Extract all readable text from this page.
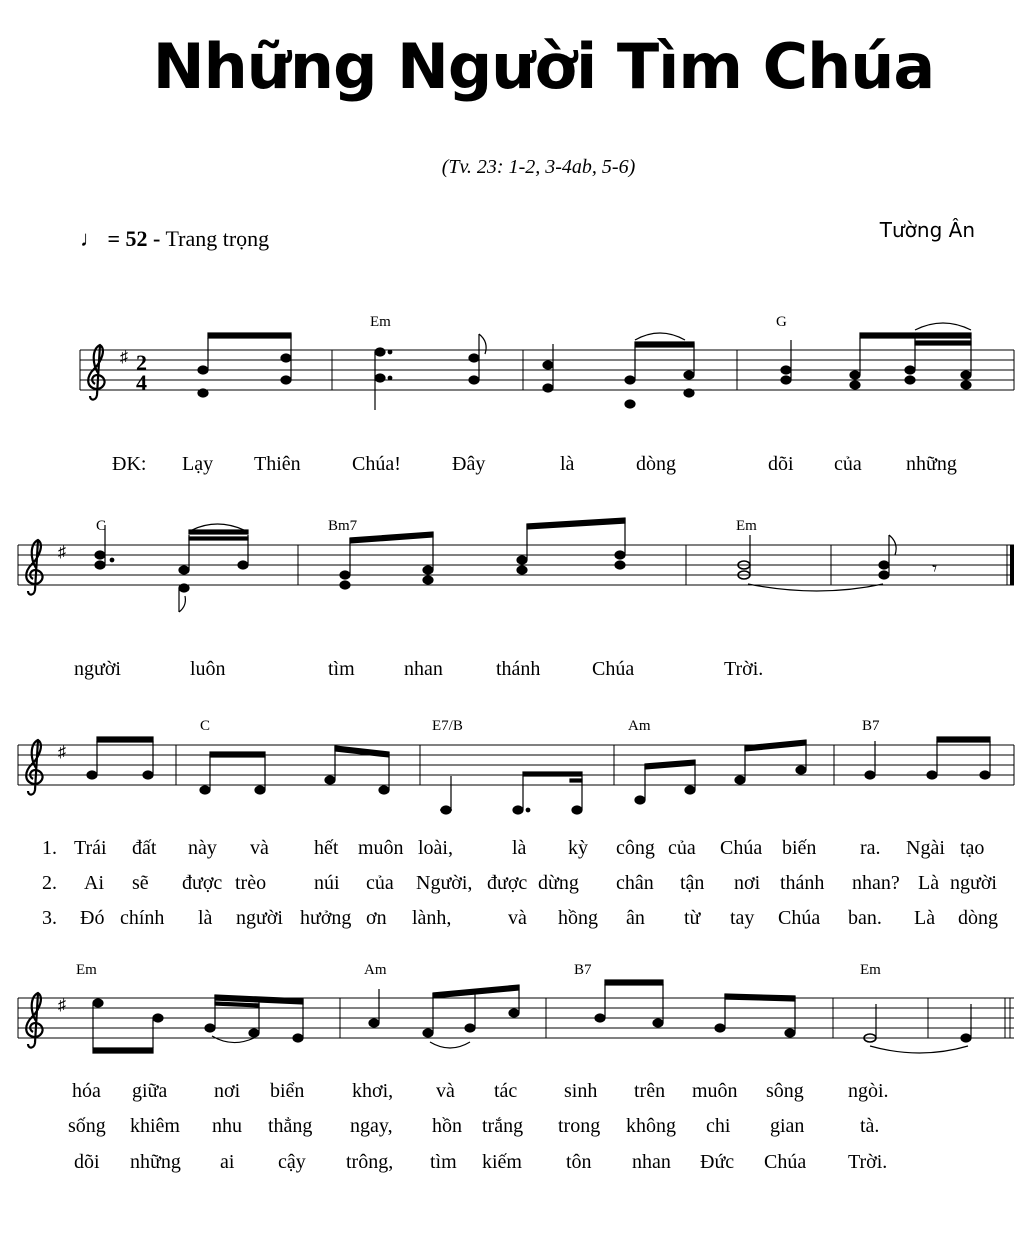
Những Người Tìm Chúa
(Tv. 23: 1-2, 3-4ab, 5-6)
♩ = 52 - Trang trọng	Tường Ân
♯ 2
4
Em	G
ĐK: Lạy Thiên	Chúa!	Đây	là	dòng	dõi của những
♯
𝄾
C	Bm7	Em
người	luôn	tìm nhan	thánh	Chúa	Trời.
♯
C	E7/B	Am	B7
1. Trái đất này và hết muôn loài,	là kỳ công của Chúa biến ra. Ngài tạo
2. Ai sẽ được trèo núi của Người, được dừng chân tận nơi thánh nhan? Là người
3. Đó chính là người hưởng ơn lành,	và hồng ân từ tay Chúa ban. Là dòng
♯
Em	Am	B7	Em
hóa giữa nơi biển khơi, và tác sinh trên muôn sông ngòi.
sống khiêm nhu thẳng ngay, hồn trắng trong không chi gian	tà.
dõi những ai cậy trông, tìm kiếm tôn nhan Đức Chúa Trời.
